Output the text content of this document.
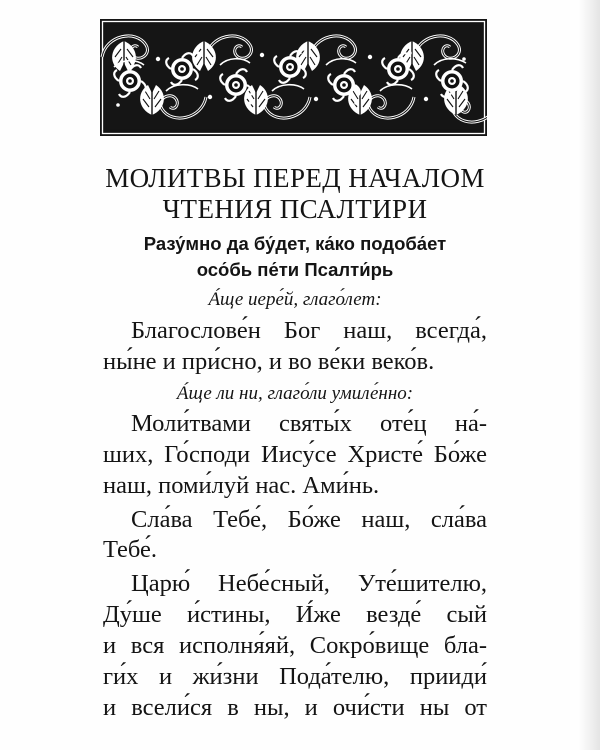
МОЛИТВЫ ПЕРЕД НАЧАЛОМ
ЧТЕНИЯ ПСАЛТИРИ

Разу́мно да бу́дет, ка́ко подоба́ет

осо́бь пе́ти Псалти́рь

А́ще иере́й, глаго́лет:

Благослове́н Бог наш, всегда́,

ны́не и при́сно, и во ве́ки веко́в.

А́ще ли ни, глаго́ли умиле́нно:

Моли́твами святы́х оте́ц на́-

ших, Го́споди Иису́се Христе́ Бо́же

наш, поми́луй нас. Ами́нь.

Сла́ва Тебе́, Бо́же наш, сла́ва

Тебе́.

Царю́ Небе́сный, Уте́шителю,

Ду́ше и́стины, И́же везде́ сый

и вся исполня́яй, Сокро́вище бла-

ги́х и жи́зни Пода́телю, прииди́

и всели́ся в ны, и очи́сти ны от
